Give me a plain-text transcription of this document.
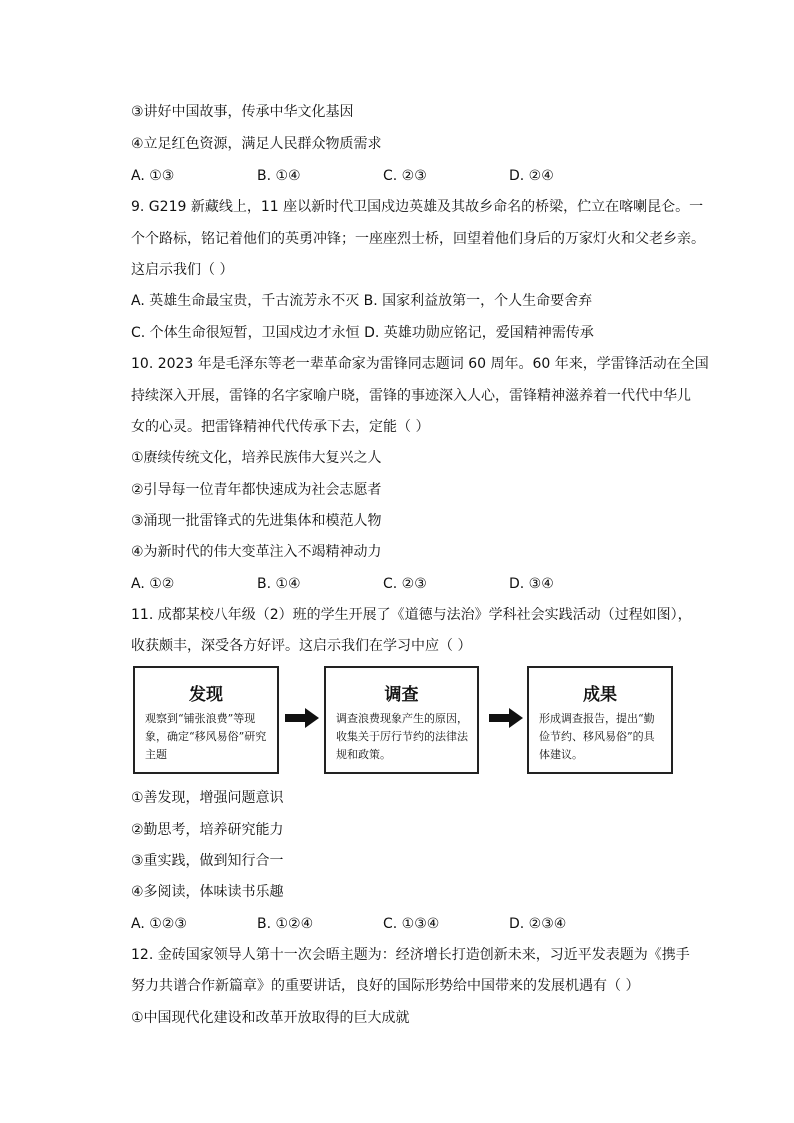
③讲好中国故事，传承中华文化基因
④立足红色资源，满足人民群众物质需求
A. ①③	B. ①④	C. ②③	D. ②④
9. G219 新藏线上，11 座以新时代卫国戍边英雄及其故乡命名的桥梁，伫立在喀喇昆仑。一
个个路标，铭记着他们的英勇冲锋；一座座烈士桥，回望着他们身后的万家灯火和父老乡亲。
这启示我们（ ）
A. 英雄生命最宝贵，千古流芳永不灭 B. 国家利益放第一，个人生命要舍弃
C. 个体生命很短暂，卫国戍边才永恒 D. 英雄功勋应铭记，爱国精神需传承
10. 2023 年是毛泽东等老一辈革命家为雷锋同志题词 60 周年。60 年来，学雷锋活动在全国
持续深入开展，雷锋的名字家喻户晓，雷锋的事迹深入人心，雷锋精神滋养着一代代中华儿
女的心灵。把雷锋精神代代传承下去，定能（ ）
①赓续传统文化，培养民族伟大复兴之人
②引导每一位青年都快速成为社会志愿者
③涌现一批雷锋式的先进集体和模范人物
④为新时代的伟大变革注入不竭精神动力
A. ①②	B. ①④	C. ②③	D. ③④
11. 成都某校八年级（2）班的学生开展了《道德与法治》学科社会实践活动（过程如图），
收获颇丰，深受各方好评。这启示我们在学习中应（ ）
发现
观察到“铺张浪费”等现象，确定“移风易俗”研究主题
调查
调查浪费现象产生的原因，收集关于厉行节约的法律法规和政策。
成果
形成调查报告，提出“勤俭节约、移风易俗”的具体建议。
①善发现，增强问题意识
②勤思考，培养研究能力
③重实践，做到知行合一
④多阅读，体味读书乐趣
A. ①②③	B. ①②④	C. ①③④	D. ②③④
12. 金砖国家领导人第十一次会晤主题为：经济增长打造创新未来，习近平发表题为《携手
努力共谱合作新篇章》的重要讲话，良好的国际形势给中国带来的发展机遇有（ ）
①中国现代化建设和改革开放取得的巨大成就
